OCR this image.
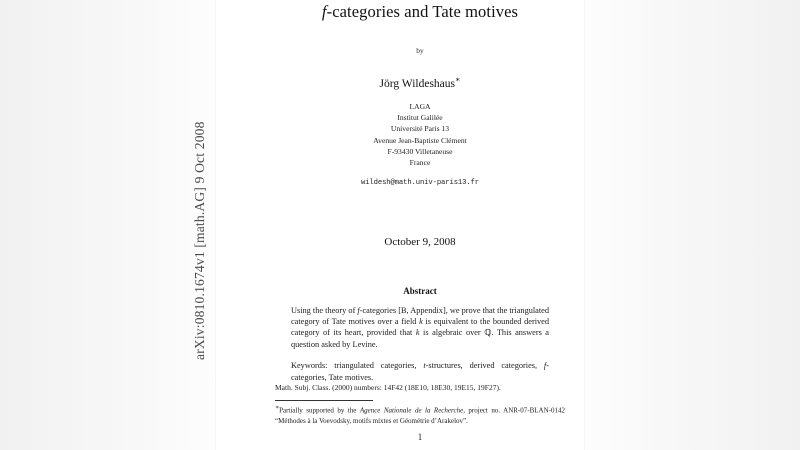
arXiv:0810.1674v1 [math.AG] 9 Oct 2008
f-categories and Tate motives
by
Jörg Wildeshaus∗
LAGA
Institut Galilée
Université Paris 13
Avenue Jean-Baptiste Clément
F-93430 Villetaneuse
France
wildesh@math.univ-paris13.fr
October 9, 2008
Abstract

Using the theory of f-categories [B, Appendix], we prove that the triangulated category of Tate motives over a field k is equivalent to the bounded derived category of its heart, provided that k is algebraic over ℚ. This answers a question asked by Levine.

Keywords: triangulated categories, t-structures, derived categories, f-categories, Tate motives.

Math. Subj. Class. (2000) numbers: 14F42 (18E10, 18E30, 19E15, 19F27).
∗Partially supported by the Agence Nationale de la Recherche, project no. ANR-07-BLAN-0142 “Méthodes à la Voevodsky, motifs mixtes et Géométrie d’Arakelov”.
1
